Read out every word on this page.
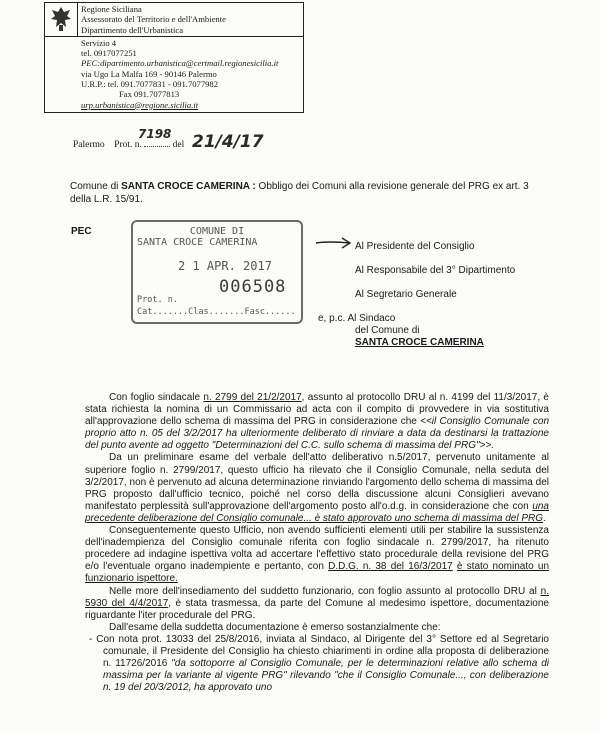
Regione Siciliana
Assessorato del Territorio e dell'Ambiente
Dipartimento dell'Urbanistica
Servizio 4
tel. 0917077251
PEC:dipartimento.urbanistica@certmail.regionesicilia.it
via Ugo La Malfa 169 - 90146 Palermo
U.R.P.: tel. 091.7077831 - 091.7077982
Fax 091.7077813
urp.urbanistica@regione.sicilia.it
Palermo Prot. n.	del
7198 21/4/17
Comune di SANTA CROCE CAMERINA : Obbligo dei Comuni alla revisione generale del PRG ex art. 3 della L.R. 15/91.
PEC	COMUNE DI
SANTA CROCE CAMERINA
2 1 APR. 2017
006508
Prot. n.
Cat.......Clas.......Fasc......
Al Presidente del Consiglio
Al Responsabile del 3° Dipartimento
Al Segretario Generale
e, p.c. Al Sindaco
del Comune di
SANTA CROCE CAMERINA

Con foglio sindacale n. 2799 del 21/2/2017, assunto al protocollo DRU al n. 4199 del 11/3/2017, è stata richiesta la nomina di un Commissario ad acta con il compito di provvedere in via sostitutiva all'approvazione dello schema di massima del PRG in considerazione che <<il Consiglio Comunale con proprio atto n. 05 del 3/2/2017 ha ulteriormente deliberato di rinviare a data da destinarsi la trattazione del punto avente ad oggetto "Determinazioni del C.C. sullo schema di massima del PRG">>.

Da un preliminare esame del verbale dell'atto deliberativo n.5/2017, pervenuto unitamente al superiore foglio n. 2799/2017, questo ufficio ha rilevato che il Consiglio Comunale, nella seduta del 3/2/2017, non è pervenuto ad alcuna determinazione rinviando l'argomento dello schema di massima del PRG proposto dall'ufficio tecnico, poiché nel corso della discussione alcuni Consiglieri avevano manifestato perplessità sull'approvazione dell'argomento posto all'o.d.g. in considerazione che con una precedente deliberazione del Consiglio comunale... è stato approvato uno schema di massima del PRG.

Conseguentemente questo Ufficio, non avendo sufficienti elementi utili per stabilire la sussistenza dell'inadempienza del Consiglio comunale riferita con foglio sindacale n. 2799/2017, ha ritenuto procedere ad indagine ispettiva volta ad accertare l'effettivo stato procedurale della revisione del PRG e/o l'eventuale organo inadempiente e pertanto, con D.D.G. n. 38 del 16/3/2017 è stato nominato un funzionario ispettore.

Nelle more dell'insediamento del suddetto funzionario, con foglio assunto al protocollo DRU al n. 5930 del 4/4/2017, è stata trasmessa, da parte del Comune al medesimo ispettore, documentazione riguardante l'iter procedurale del PRG.

Dall'esame della suddetta documentazione è emerso sostanzialmente che:

- Con nota prot. 13033 del 25/8/2016, inviata al Sindaco, al Dirigente del 3° Settore ed al Segretario comunale, il Presidente del Consiglio ha chiesto chiarimenti in ordine alla proposta di deliberazione n. 11726/2016 "da sottoporre al Consiglio Comunale, per le determinazioni relative allo schema di massima per la variante al vigente PRG" rilevando "che il Consiglio Comunale..., con deliberazione n. 19 del 20/3/2012, ha approvato uno
